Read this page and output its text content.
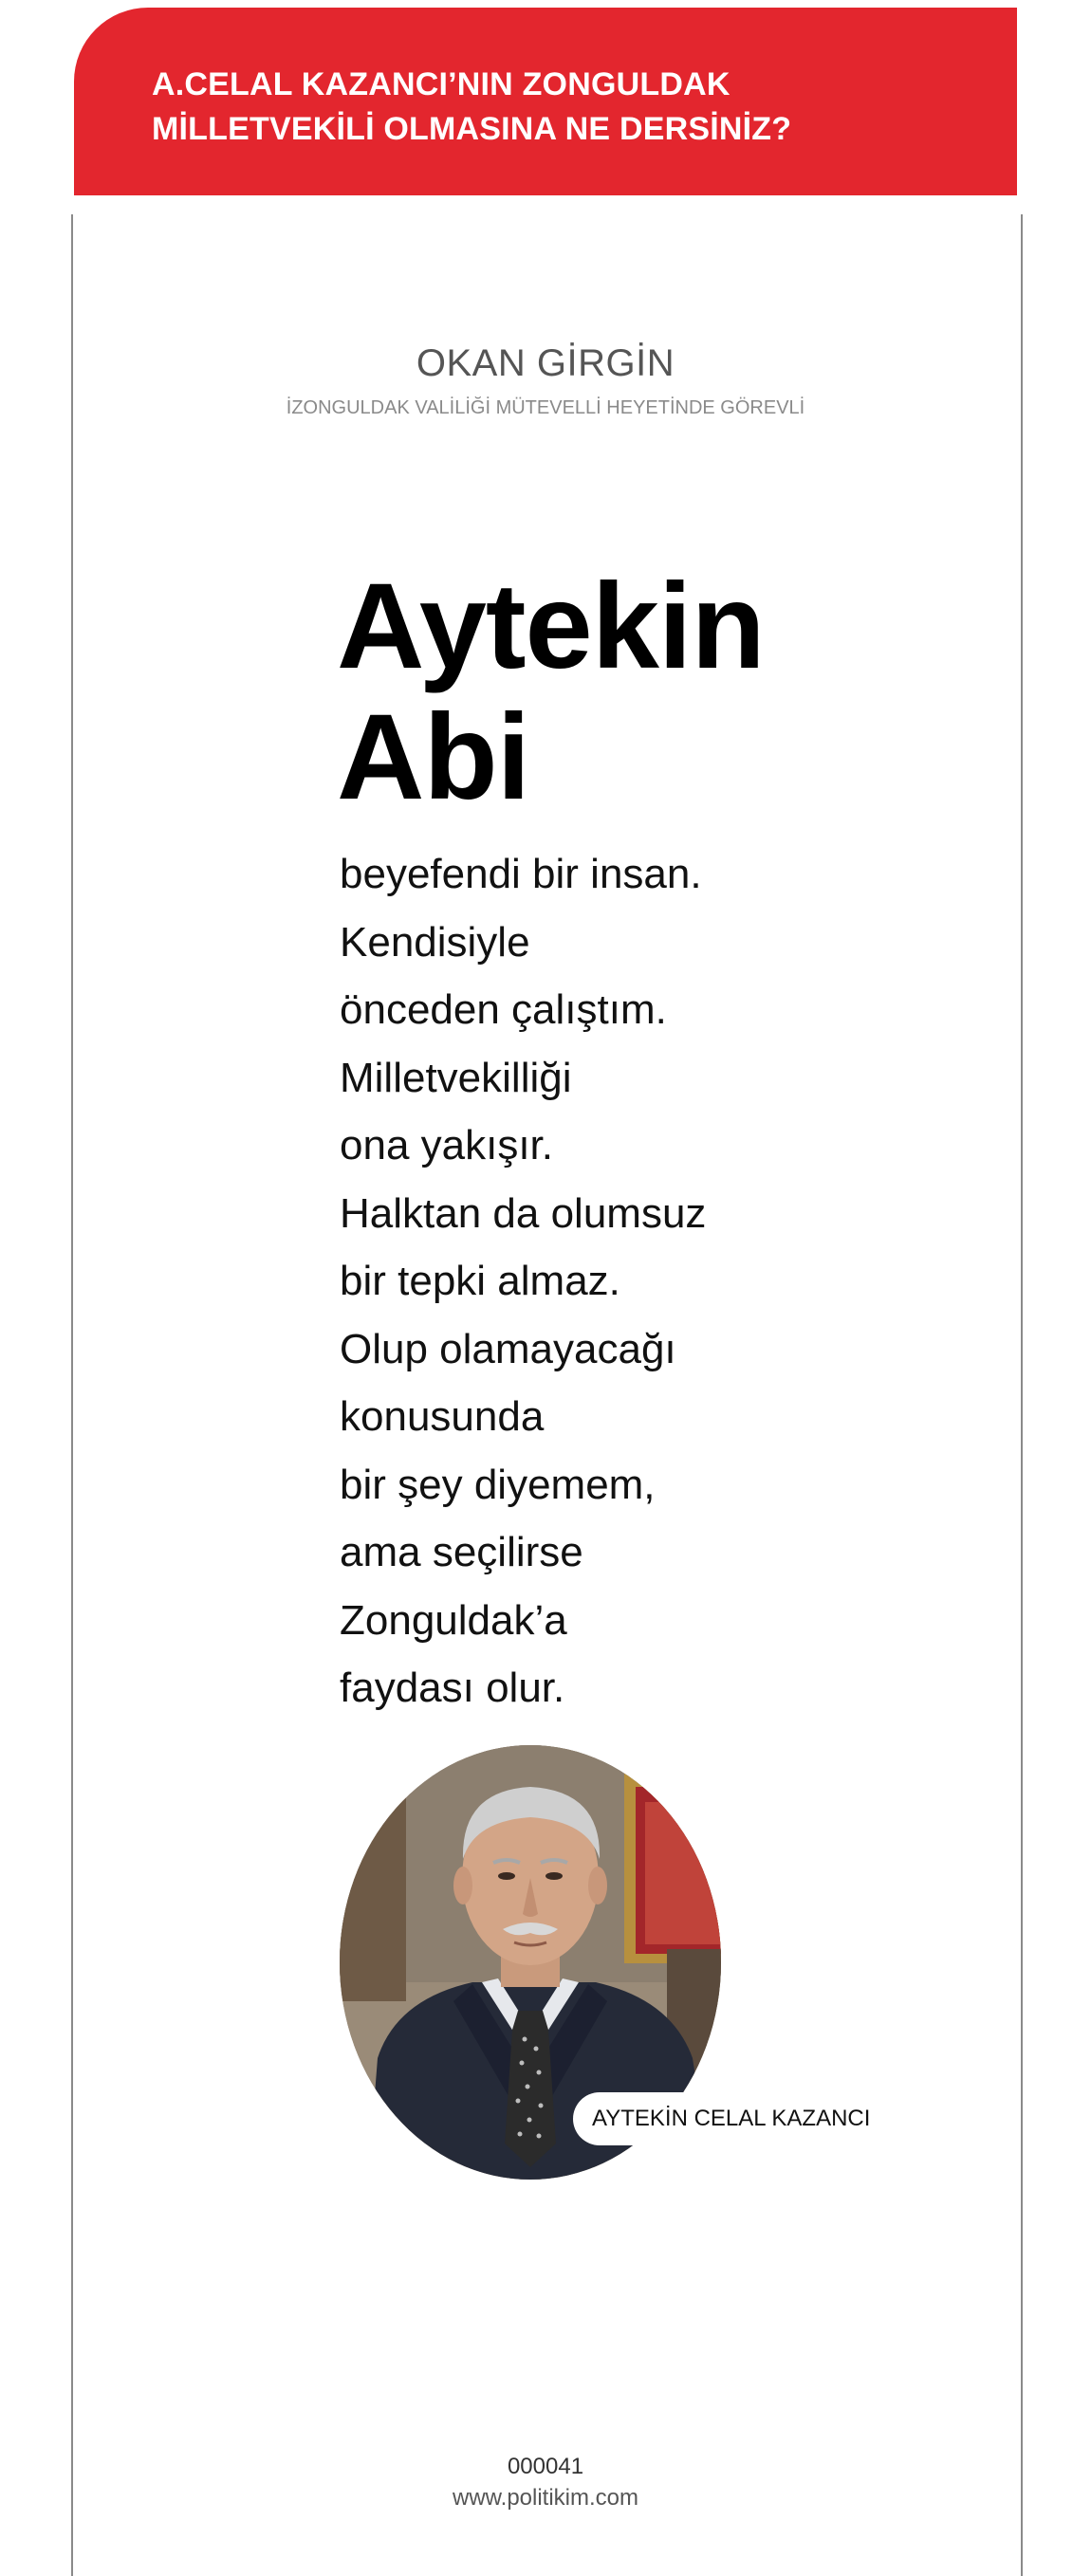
A.CELAL KAZANCI’NIN ZONGULDAK
MİLLETVEKİLİ OLMASINA NE DERSİNİZ?
OKAN GİRGİN
İZONGULDAK VALİLİĞİ MÜTEVELLİ HEYETİNDE GÖREVLİ
Aytekin
Abi
beyefendi bir insan.
Kendisiyle
önceden çalıştım.
Milletvekilliği
ona yakışır.
Halktan da olumsuz
bir tepki almaz.
Olup olamayacağı
konusunda
bir şey diyemem,
ama seçilirse
Zonguldak’a
faydası olur.
AYTEKİN CELAL KAZANCI
000041
www.politikim.com
